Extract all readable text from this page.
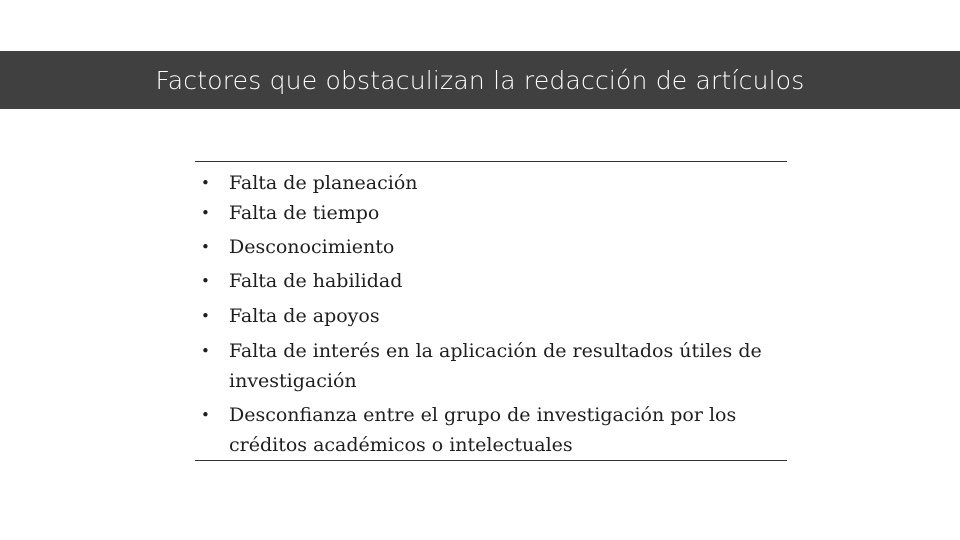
Factores que obstaculizan la redacción de artículos
• Falta de planeación
• Falta de tiempo
• Desconocimiento
• Falta de habilidad
• Falta de apoyos
• Falta de interés en la aplicación de resultados útiles de investigación
• Desconfianza entre el grupo de investigación por los créditos académicos o intelectuales
